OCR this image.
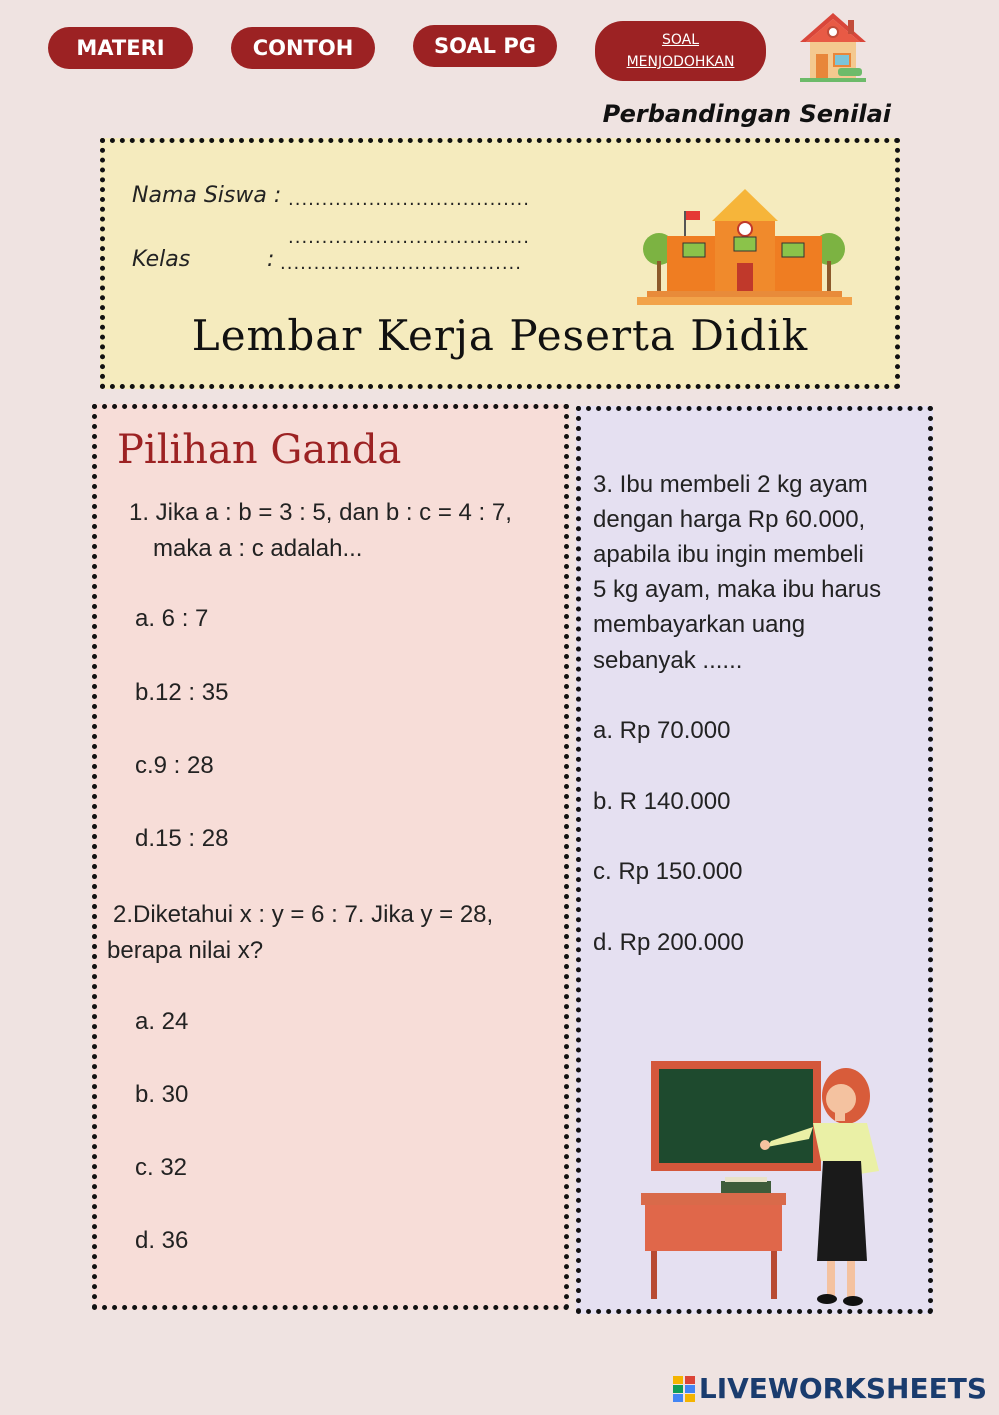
MATERI	CONTOH	SOAL PG	SOAL
MENJODOHKAN
Perbandingan Senilai
Nama Siswa : ....................................
....................................
Kelas	: ....................................
Lembar Kerja Peserta Didik
Pilihan Ganda
1. Jika a : b = 3 : 5, dan b : c = 4 : 7,
maka a : c adalah...
a. 6 : 7
b.12 : 35
c.9 : 28
d.15 : 28
2.Diketahui x : y = 6 : 7. Jika y = 28,
berapa nilai x?
a. 24
b. 30
c. 32
d. 36
3. Ibu membeli 2 kg ayam
dengan harga Rp 60.000,
apabila ibu ingin membeli
5 kg ayam, maka ibu harus
membayarkan uang
sebanyak ......
a. Rp 70.000
b. R 140.000
c. Rp 150.000
d. Rp 200.000
LIVEWORKSHEETS
